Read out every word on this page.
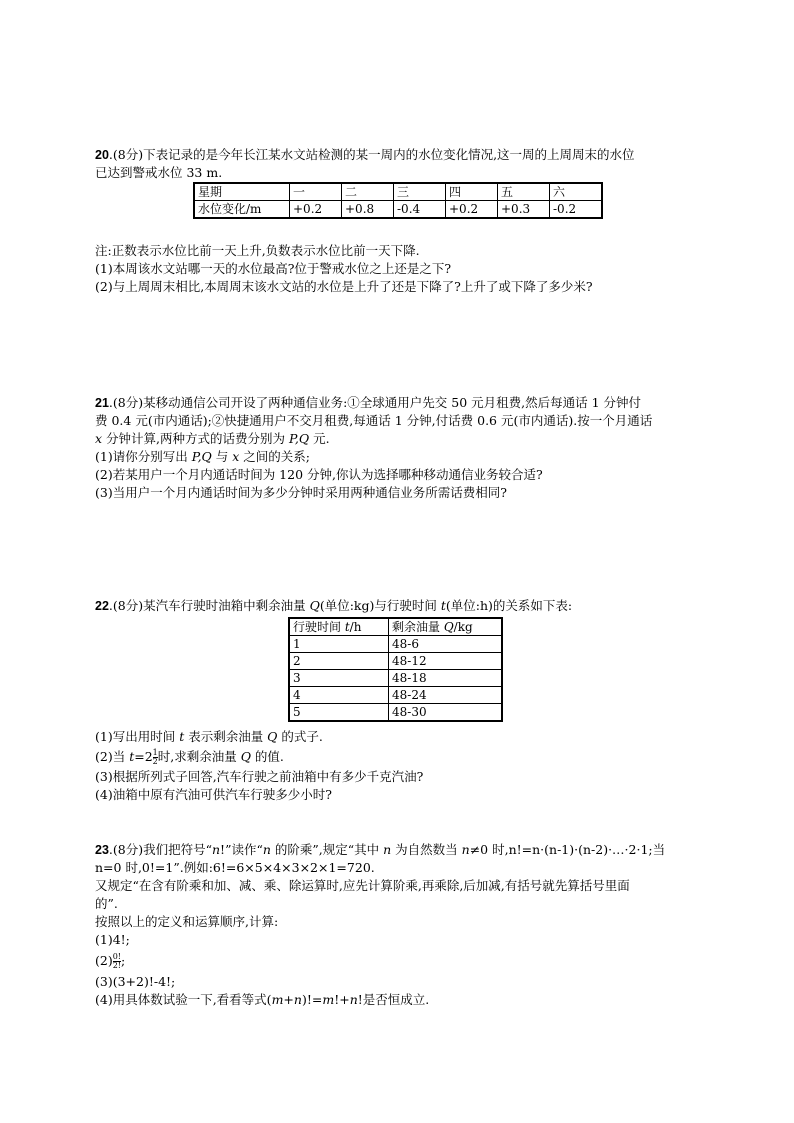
20.(8分)下表记录的是今年长江某水文站检测的某一周内的水位变化情况,这一周的上周周末的水位

已达到警戒水位 33 m.

星期	一	二	三	四	五	六
水位变化/m	+0.2	+0.8	-0.4	+0.2	+0.3	-0.2

注:正数表示水位比前一天上升,负数表示水位比前一天下降.

(1)本周该水文站哪一天的水位最高?位于警戒水位之上还是之下?

(2)与上周周末相比,本周周末该水文站的水位是上升了还是下降了?上升了或下降了多少米?

21.(8分)某移动通信公司开设了两种通信业务:①全球通用户先交 50 元月租费,然后每通话 1 分钟付

费 0.4 元(市内通话);②快捷通用户不交月租费,每通话 1 分钟,付话费 0.6 元(市内通话).按一个月通话

x 分钟计算,两种方式的话费分别为 P,Q 元.

(1)请你分别写出 P,Q 与 x 之间的关系;

(2)若某用户一个月内通话时间为 120 分钟,你认为选择哪种移动通信业务较合适?

(3)当用户一个月内通话时间为多少分钟时采用两种通信业务所需话费相同?

22.(8分)某汽车行驶时油箱中剩余油量 Q(单位:kg)与行驶时间 t(单位:h)的关系如下表:

行驶时间 t/h	剩余油量 Q/kg
1	48-6
2	48-12
3	48-18
4	48-24
5	48-30

(1)写出用时间 t 表示剩余油量 Q 的式子.

(2)当 $t=2 \frac{1}{2}$ 时,求剩余油量 Q 的值.

(3)根据所列式子回答,汽车行驶之前油箱中有多少千克汽油?

(4)油箱中原有汽油可供汽车行驶多少小时?

23.(8分)我们把符号“n!”读作“n 的阶乘”,规定“其中 n 为自然数当 n≠0 时,n!=n·(n-1)·(n-2)·…·2·1;当

n=0 时,0!=1”.例如:6!=6×5×4×3×2×1=720.

又规定“在含有阶乘和加、减、乘、除运算时,应先计算阶乘,再乘除,后加减,有括号就先算括号里面

的”.

按照以上的定义和运算顺序,计算:

(1)4!;

$(2) \frac{0!}{2!}$ ;

(3)(3+2)!-4!;

(4)用具体数试验一下,看看等式(m+n)!=m!+n!是否恒成立.
